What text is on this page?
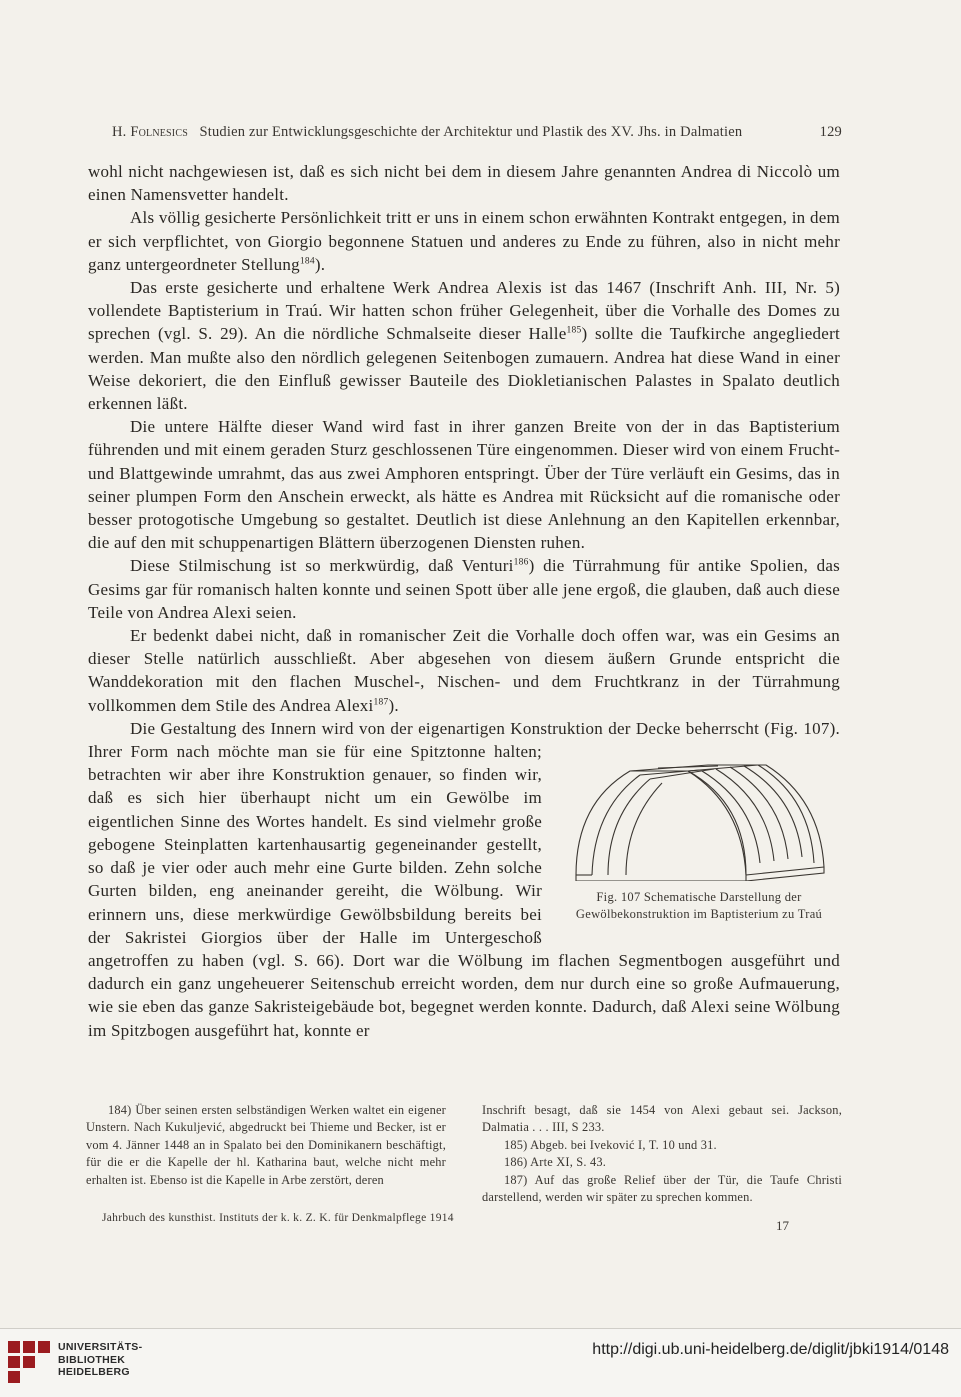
H. Folnesics Studien zur Entwicklungsgeschichte der Architektur und Plastik des XV. Jhs. in Dalmatien	129

wohl nicht nachgewiesen ist, daß es sich nicht bei dem in diesem Jahre genannten Andrea di Niccolò um einen Namensvetter handelt.

Als völlig gesicherte Persönlichkeit tritt er uns in einem schon erwähnten Kontrakt entgegen, in dem er sich verpflichtet, von Giorgio begonnene Statuen und anderes zu Ende zu führen, also in nicht mehr ganz untergeordneter Stellung$^{184}$).

Das erste gesicherte und erhaltene Werk Andrea Alexis ist das 1467 (Inschrift Anh. III, Nr. 5) vollendete Baptisterium in Traú. Wir hatten schon früher Gelegenheit, über die Vorhalle des Domes zu sprechen (vgl. S. 29). An die nördliche Schmalseite dieser Halle$^{185}$) sollte die Taufkirche angegliedert werden. Man mußte also den nördlich gelegenen Seitenbogen zumauern. Andrea hat diese Wand in einer Weise dekoriert, die den Einfluß gewisser Bauteile des Diokletianischen Palastes in Spalato deutlich erkennen läßt.

Die untere Hälfte dieser Wand wird fast in ihrer ganzen Breite von der in das Baptisterium führenden und mit einem geraden Sturz geschlossenen Türe eingenommen. Dieser wird von einem Frucht- und Blattgewinde umrahmt, das aus zwei Amphoren entspringt. Über der Türe verläuft ein Gesims, das in seiner plumpen Form den Anschein erweckt, als hätte es Andrea mit Rücksicht auf die romanische oder besser protogotische Umgebung so gestaltet. Deutlich ist diese Anlehnung an den Kapitellen erkennbar, die auf den mit schuppenartigen Blättern überzogenen Diensten ruhen.

Diese Stilmischung ist so merkwürdig, daß Venturi$^{186}$) die Türrahmung für antike Spolien, das Gesims gar für romanisch halten konnte und seinen Spott über alle jene ergoß, die glauben, daß auch diese Teile von Andrea Alexi seien.

Er bedenkt dabei nicht, daß in romanischer Zeit die Vorhalle doch offen war, was ein Gesims an dieser Stelle natürlich ausschließt. Aber abgesehen von diesem äußern Grunde entspricht die Wanddekoration mit den flachen Muschel-, Nischen- und dem Fruchtkranz in der Türrahmung vollkommen dem Stile des Andrea Alexi$^{187}$).

Fig. 107 Schematische Darstellung der Gewölbekonstruktion im Baptisterium zu Traú

Die Gestaltung des Innern wird von der eigenartigen Konstruktion der Decke beherrscht (Fig. 107). Ihrer Form nach möchte man sie für eine Spitztonne halten; betrachten wir aber ihre Konstruktion genauer, so finden wir, daß es sich hier überhaupt nicht um ein Gewölbe im eigentlichen Sinne des Wortes handelt. Es sind vielmehr große gebogene Steinplatten kartenhausartig gegeneinander gestellt, so daß je vier oder auch mehr eine Gurte bilden. Zehn solche Gurten bilden, eng aneinander gereiht, die Wölbung. Wir erinnern uns, diese merkwürdige Gewölbsbildung bereits bei der Sakristei Giorgios über der Halle im Untergeschoß angetroffen zu haben (vgl. S. 66). Dort war die Wölbung im flachen Segmentbogen ausgeführt und dadurch ein ganz ungeheuerer Seitenschub erreicht worden, dem nur durch eine so große Aufmauerung, wie sie eben das ganze Sakristeigebäude bot, begegnet werden konnte. Dadurch, daß Alexi seine Wölbung im Spitzbogen ausgeführt hat, konnte er

184) Über seinen ersten selbständigen Werken waltet ein eigener Unstern. Nach Kukuljević, abgedruckt bei Thieme und Becker, ist er vom 4. Jänner 1448 an in Spalato bei den Dominikanern beschäftigt, für die er die Kapelle der hl. Katharina baut, welche nicht mehr erhalten ist. Ebenso ist die Kapelle in Arbe zerstört, deren

Inschrift besagt, daß sie 1454 von Alexi gebaut sei. Jackson, Dalmatia . . . III, S 233.

185) Abgeb. bei Iveković I, T. 10 und 31.

186) Arte XI, S. 43.

187) Auf das große Relief über der Tür, die Taufe Christi darstellend, werden wir später zu sprechen kommen.

Jahrbuch des kunsthist. Instituts der k. k. Z. K. für Denkmalpflege 1914	17
UNIVERSITÄTS-
BIBLIOTHEK
HEIDELBERG
http://digi.ub.uni-heidelberg.de/diglit/jbki1914/0148
